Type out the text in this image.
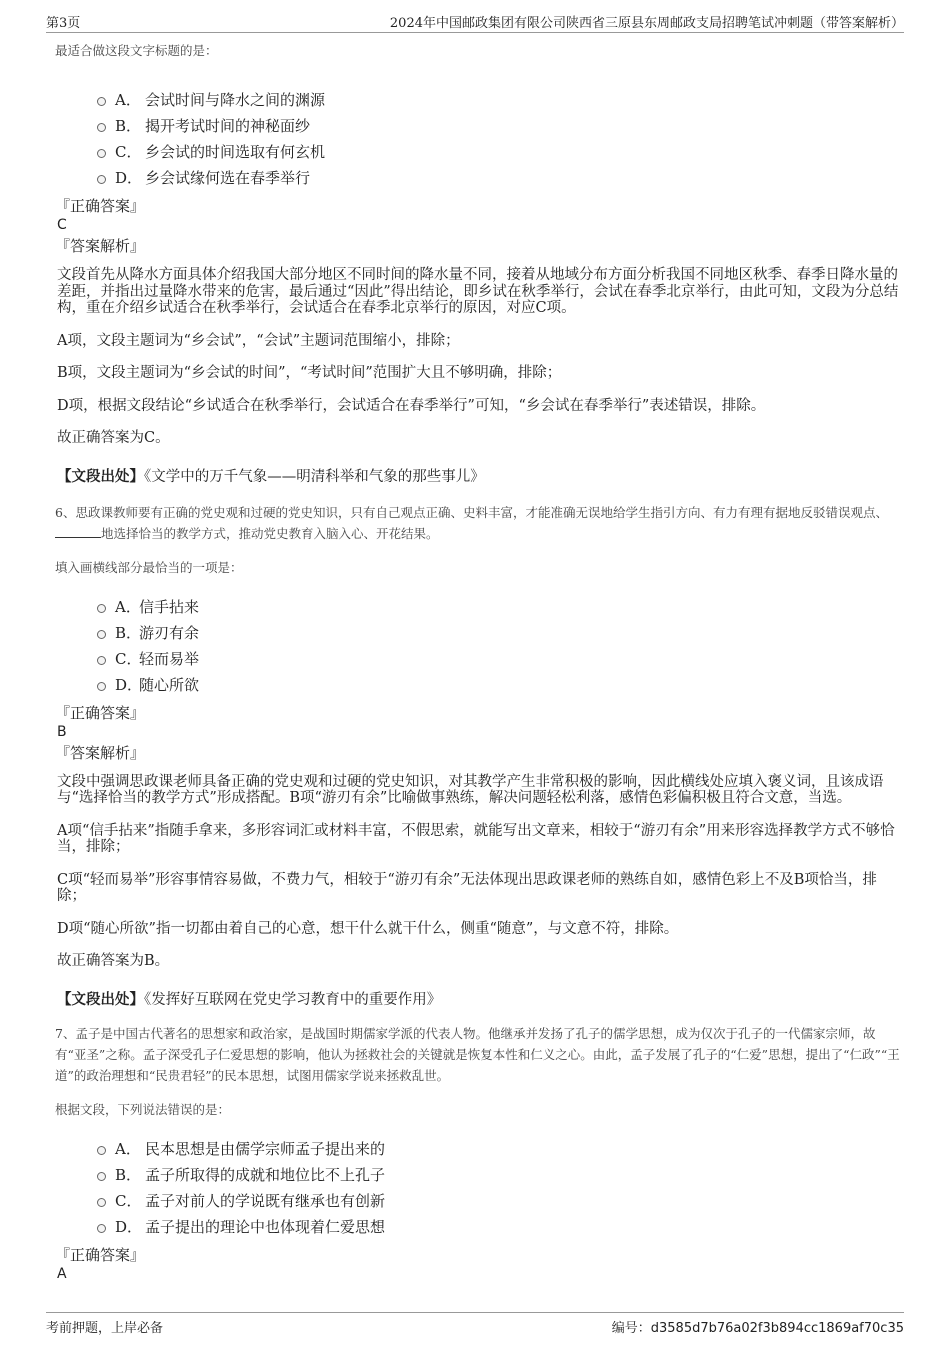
第3页	2024年中国邮政集团有限公司陕西省三原县东周邮政支局招聘笔试冲刺题（带答案解析）

最适合做这段文字标题的是：

A． 会试时间与降水之间的渊源
B． 揭开考试时间的神秘面纱
C． 乡会试的时间选取有何玄机
D． 乡会试缘何选在春季举行

『正确答案』

C

『答案解析』

文段首先从降水方面具体介绍我国大部分地区不同时间的降水量不同，接着从地域分布方面分析我国不同地区秋季、春季日降水量的差距，并指出过量降水带来的危害，最后通过“因此”得出结论，即乡试在秋季举行，会试在春季北京举行，由此可知，文段为分总结构，重在介绍乡试适合在秋季举行，会试适合在春季北京举行的原因，对应C项。

A项，文段主题词为“乡会试”，“会试”主题词范围缩小，排除；

B项，文段主题词为“乡会试的时间”，“考试时间”范围扩大且不够明确，排除；

D项，根据文段结论“乡试适合在秋季举行，会试适合在春季举行”可知，“乡会试在春季举行”表述错误，排除。

故正确答案为C。

【文段出处】《文学中的万千气象——明清科举和气象的那些事儿》

6、思政课教师要有正确的党史观和过硬的党史知识，只有自己观点正确、史料丰富，才能准确无误地给学生指引方向、有力有理有据地反驳错误观点、地选择恰当的教学方式，推动党史教育入脑入心、开花结果。

填入画横线部分最恰当的一项是：

A．信手拈来
B．游刃有余
C．轻而易举
D．随心所欲

『正确答案』

B

『答案解析』

文段中强调思政课老师具备正确的党史观和过硬的党史知识，对其教学产生非常积极的影响，因此横线处应填入褒义词，且该成语与“选择恰当的教学方式”形成搭配。B项“游刃有余”比喻做事熟练，解决问题轻松利落，感情色彩偏积极且符合文意，当选。

A项“信手拈来”指随手拿来，多形容词汇或材料丰富，不假思索，就能写出文章来，相较于“游刃有余”用来形容选择教学方式不够恰当，排除；

C项“轻而易举”形容事情容易做，不费力气，相较于“游刃有余”无法体现出思政课老师的熟练自如，感情色彩上不及B项恰当，排除；

D项“随心所欲”指一切都由着自己的心意，想干什么就干什么，侧重“随意”，与文意不符，排除。

故正确答案为B。

【文段出处】《发挥好互联网在党史学习教育中的重要作用》

7、孟子是中国古代著名的思想家和政治家，是战国时期儒家学派的代表人物。他继承并发扬了孔子的儒学思想，成为仅次于孔子的一代儒家宗师，故有“亚圣”之称。孟子深受孔子仁爱思想的影响，他认为拯救社会的关键就是恢复本性和仁义之心。由此，孟子发展了孔子的“仁爱”思想，提出了“仁政”“王道”的政治理想和“民贵君轻”的民本思想，试图用儒家学说来拯救乱世。

根据文段，下列说法错误的是：

A． 民本思想是由儒学宗师孟子提出来的
B． 孟子所取得的成就和地位比不上孔子
C． 孟子对前人的学说既有继承也有创新
D． 孟子提出的理论中也体现着仁爱思想

『正确答案』

A

考前押题，上岸必备	编号：d3585d7b76a02f3b894cc1869af70c35
